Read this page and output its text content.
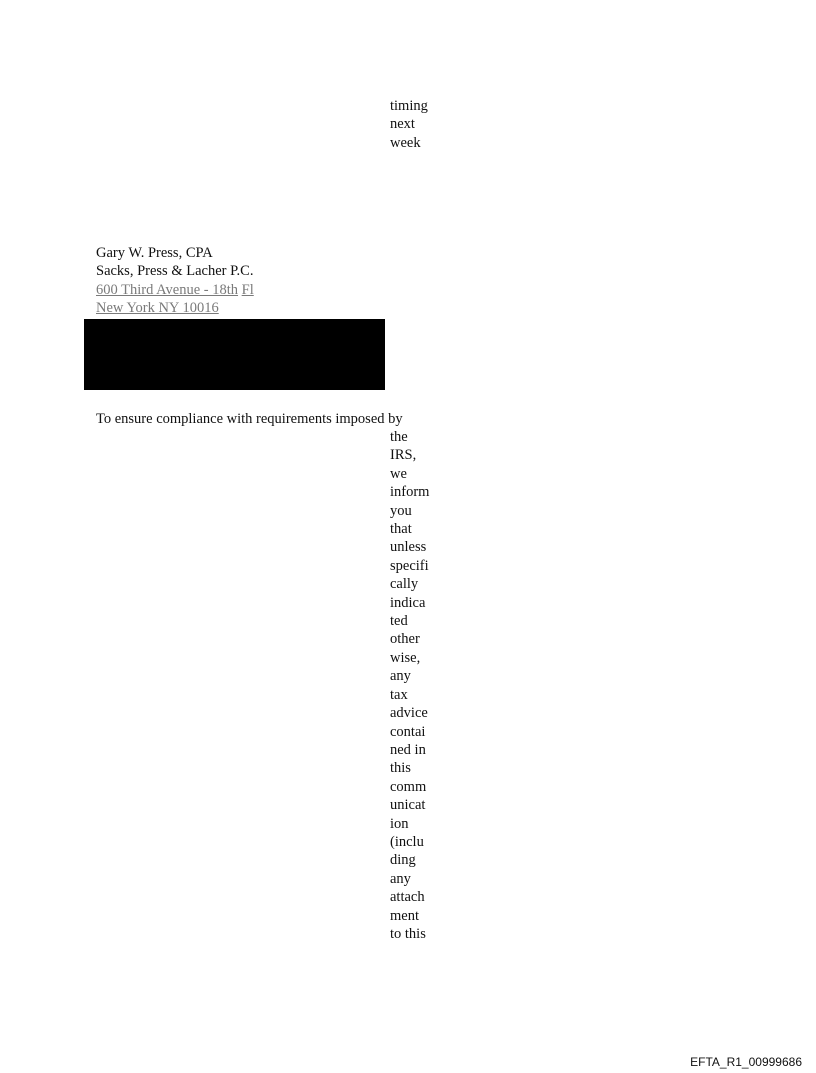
timing
next
week
Gary W. Press, CPA
Sacks, Press & Lacher P.C.
600 Third Avenue - 18th Fl
New York NY 10016
To ensure compliance with requirements imposed by
the
IRS,
we
inform
you
that
unless
specifi
cally
indica
ted
other
wise,
any
tax
advice
contai
ned in
this
comm
unicat
ion
(inclu
ding
any
attach
ment
to this
EFTA_R1_00999686
